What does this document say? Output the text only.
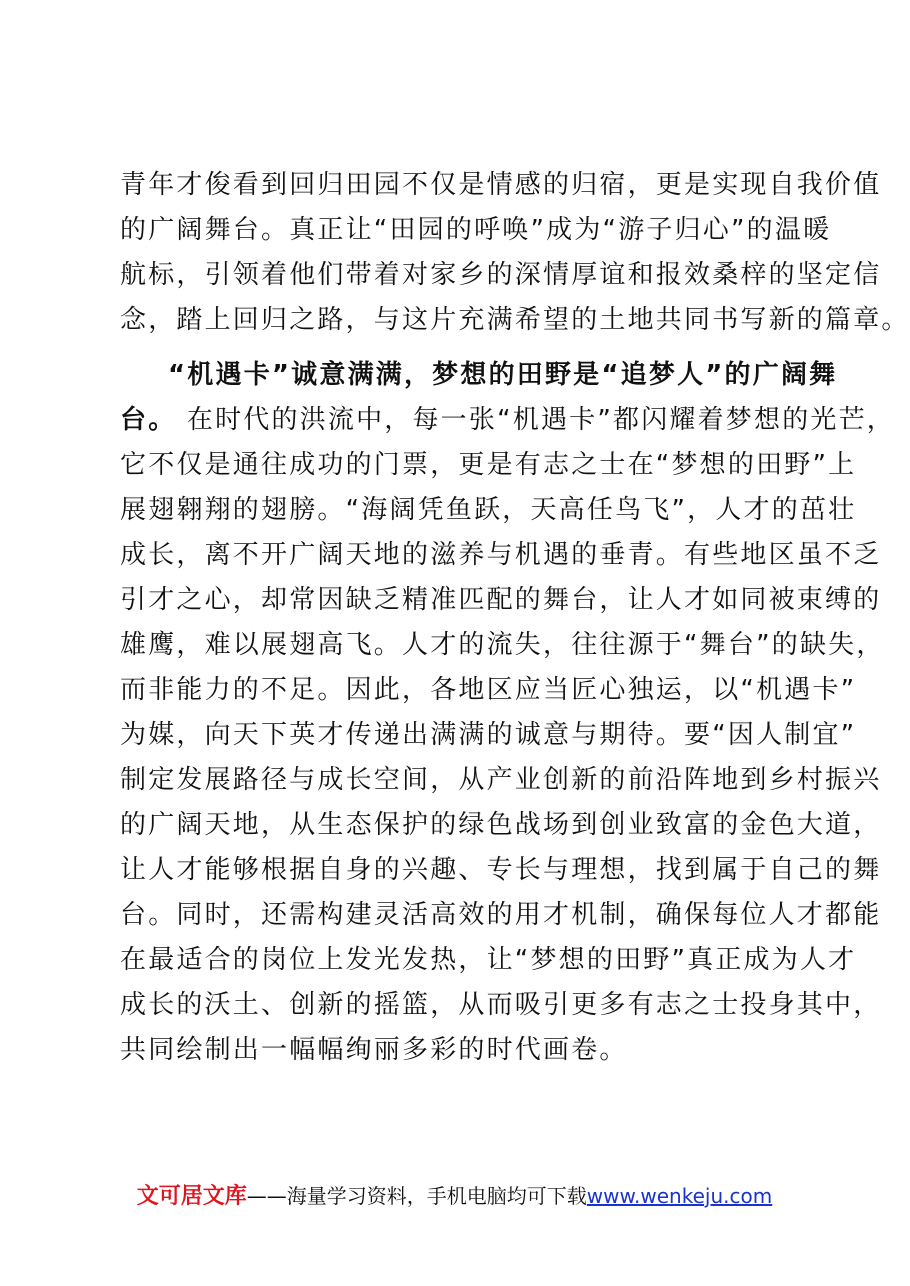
青年才俊看到回归田园不仅是情感的归宿，更是实现自我价值
的广阔舞台。真正让“田园的呼唤”成为“游子归心”的温暖
航标，引领着他们带着对家乡的深情厚谊和报效桑梓的坚定信
念，踏上回归之路，与这片充满希望的土地共同书写新的篇章。
“机遇卡”诚意满满，梦想的田野是“追梦人”的广阔舞
台。 在时代的洪流中，每一张“机遇卡”都闪耀着梦想的光芒，
它不仅是通往成功的门票，更是有志之士在“梦想的田野”上
展翅翱翔的翅膀。“海阔凭鱼跃，天高任鸟飞”，人才的茁壮
成长，离不开广阔天地的滋养与机遇的垂青。有些地区虽不乏
引才之心，却常因缺乏精准匹配的舞台，让人才如同被束缚的
雄鹰，难以展翅高飞。人才的流失，往往源于“舞台”的缺失，
而非能力的不足。因此，各地区应当匠心独运，以“机遇卡”
为媒，向天下英才传递出满满的诚意与期待。要“因人制宜”
制定发展路径与成长空间，从产业创新的前沿阵地到乡村振兴
的广阔天地，从生态保护的绿色战场到创业致富的金色大道，
让人才能够根据自身的兴趣、专长与理想，找到属于自己的舞
台。同时，还需构建灵活高效的用才机制，确保每位人才都能
在最适合的岗位上发光发热，让“梦想的田野”真正成为人才
成长的沃土、创新的摇篮，从而吸引更多有志之士投身其中，
共同绘制出一幅幅绚丽多彩的时代画卷。
文可居文库——海量学习资料，手机电脑均可下载www.wenkeju.com
